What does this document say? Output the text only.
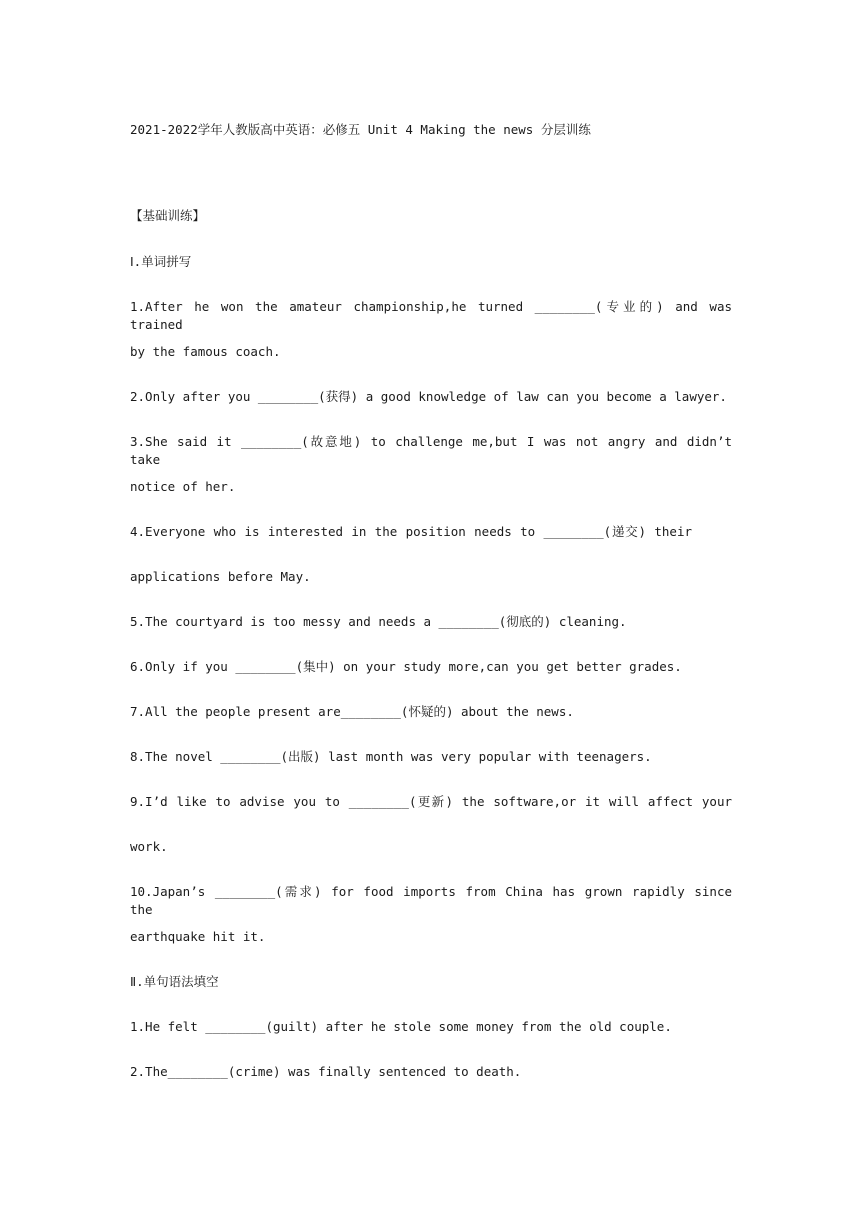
2021-2022学年人教版高中英语：必修五 Unit 4 Making the news 分层训练
【基础训练】
Ⅰ.单词拼写
1.After he won the amateur championship,he turned ________(专业的) and was trained
by the famous coach.
2.Only after you ________(获得) a good knowledge of law can you become a lawyer.
3.She said it ________(故意地) to challenge me,but I was not angry and didn’t take
notice of her.
4.Everyone who is interested in the position needs to ________(递交) their
applications before May.
5.The courtyard is too messy and needs a ________(彻底的) cleaning.
6.Only if you ________(集中) on your study more,can you get better grades.
7.All the people present are________(怀疑的) about the news.
8.The novel ________(出版) last month was very popular with teenagers.
9.I’d like to advise you to ________(更新) the software,or it will affect your
work.
10.Japan’s ________(需求) for food imports from China has grown rapidly since the
earthquake hit it.
Ⅱ.单句语法填空
1.He felt ________(guilt) after he stole some money from the old couple.
2.The________(crime) was finally sentenced to death.
